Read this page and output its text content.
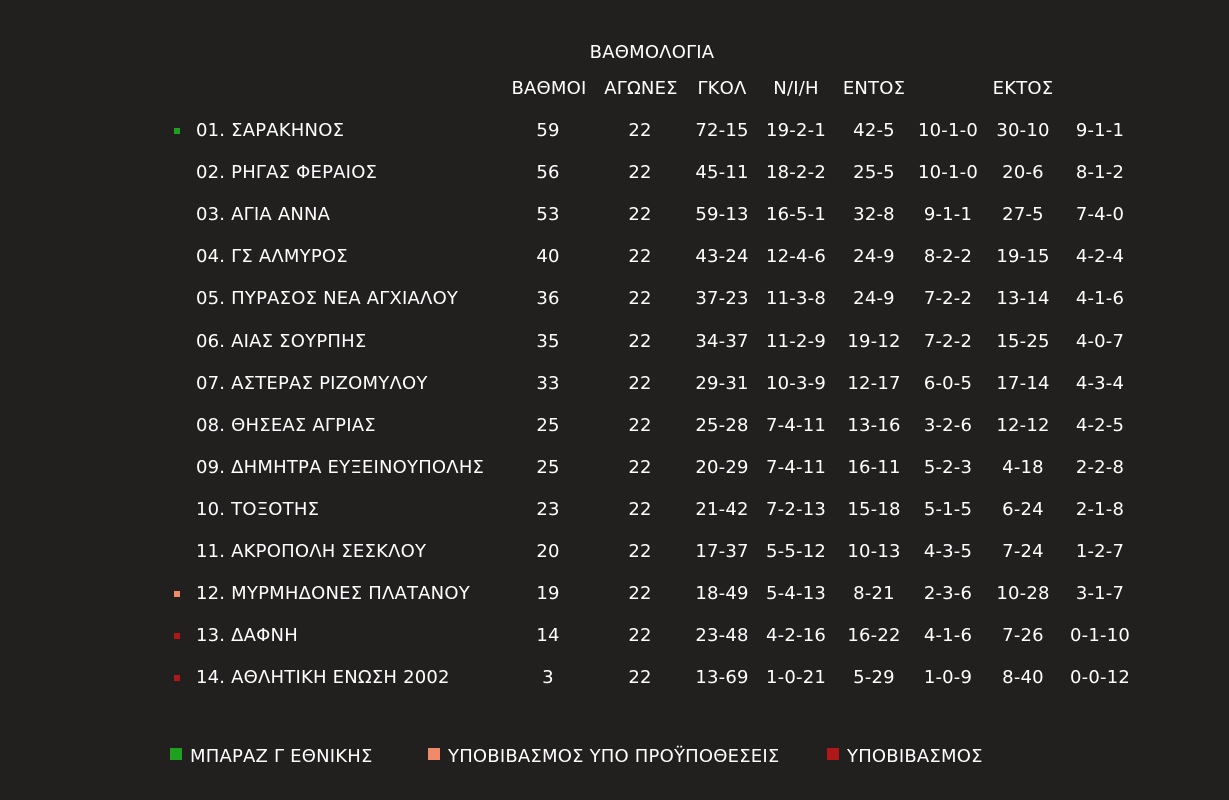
ΒΑΘΜΟΛΟΓΙΑ
ΒΑΘΜΟΙ ΑΓΩΝΕΣ	ΓΚΟΛ	Ν/Ι/Η	ΕΝΤΟΣ	ΕΚΤΟΣ
01. ΣΑΡΑΚΗΝΟΣ	59	22	72-15 19-2-1	42-5	10-1-0	30-10	9-1-1
02. ΡΗΓΑΣ ΦΕΡΑΙΟΣ	56	22	45-11 18-2-2	25-5	10-1-0	20-6	8-1-2
03. ΑΓΙΑ ΑΝΝΑ	53	22	59-13 16-5-1	32-8	9-1-1	27-5	7-4-0
04. ΓΣ ΑΛΜΥΡΟΣ	40	22	43-24 12-4-6	24-9	8-2-2	19-15	4-2-4
05. ΠΥΡΑΣΟΣ ΝΕΑ ΑΓΧΙΑΛΟΥ	36	22	37-23 11-3-8	24-9	7-2-2	13-14	4-1-6
06. ΑΙΑΣ ΣΟΥΡΠΗΣ	35	22	34-37 11-2-9	19-12	7-2-2	15-25	4-0-7
07. ΑΣΤΕΡΑΣ ΡΙΖΟΜΥΛΟΥ	33	22	29-31 10-3-9	12-17	6-0-5	17-14	4-3-4
08. ΘΗΣΕΑΣ ΑΓΡΙΑΣ	25	22	25-28 7-4-11	13-16	3-2-6	12-12	4-2-5
09. ΔΗΜΗΤΡΑ ΕΥΞΕΙΝΟΥΠΟΛΗΣ	25	22	20-29 7-4-11	16-11	5-2-3	4-18	2-2-8
10. ΤΟΞΟΤΗΣ	23	22	21-42 7-2-13	15-18	5-1-5	6-24	2-1-8
11. ΑΚΡΟΠΟΛΗ ΣΕΣΚΛΟΥ	20	22	17-37 5-5-12	10-13	4-3-5	7-24	1-2-7
12. ΜΥΡΜΗΔΟΝΕΣ ΠΛΑΤΑΝΟΥ	19	22	18-49 5-4-13	8-21	2-3-6	10-28	3-1-7
13. ΔΑΦΝΗ	14	22	23-48 4-2-16	16-22	4-1-6	7-26	0-1-10
14. ΑΘΛΗΤΙΚΗ ΕΝΩΣΗ 2002	3	22	13-69 1-0-21	5-29	1-0-9	8-40	0-0-12
ΜΠΑΡΑΖ Γ ΕΘΝΙΚΗΣ	ΥΠΟΒΙΒΑΣΜΟΣ ΥΠΟ ΠΡΟΫΠΟΘΕΣΕΙΣ	ΥΠΟΒΙΒΑΣΜΟΣ
